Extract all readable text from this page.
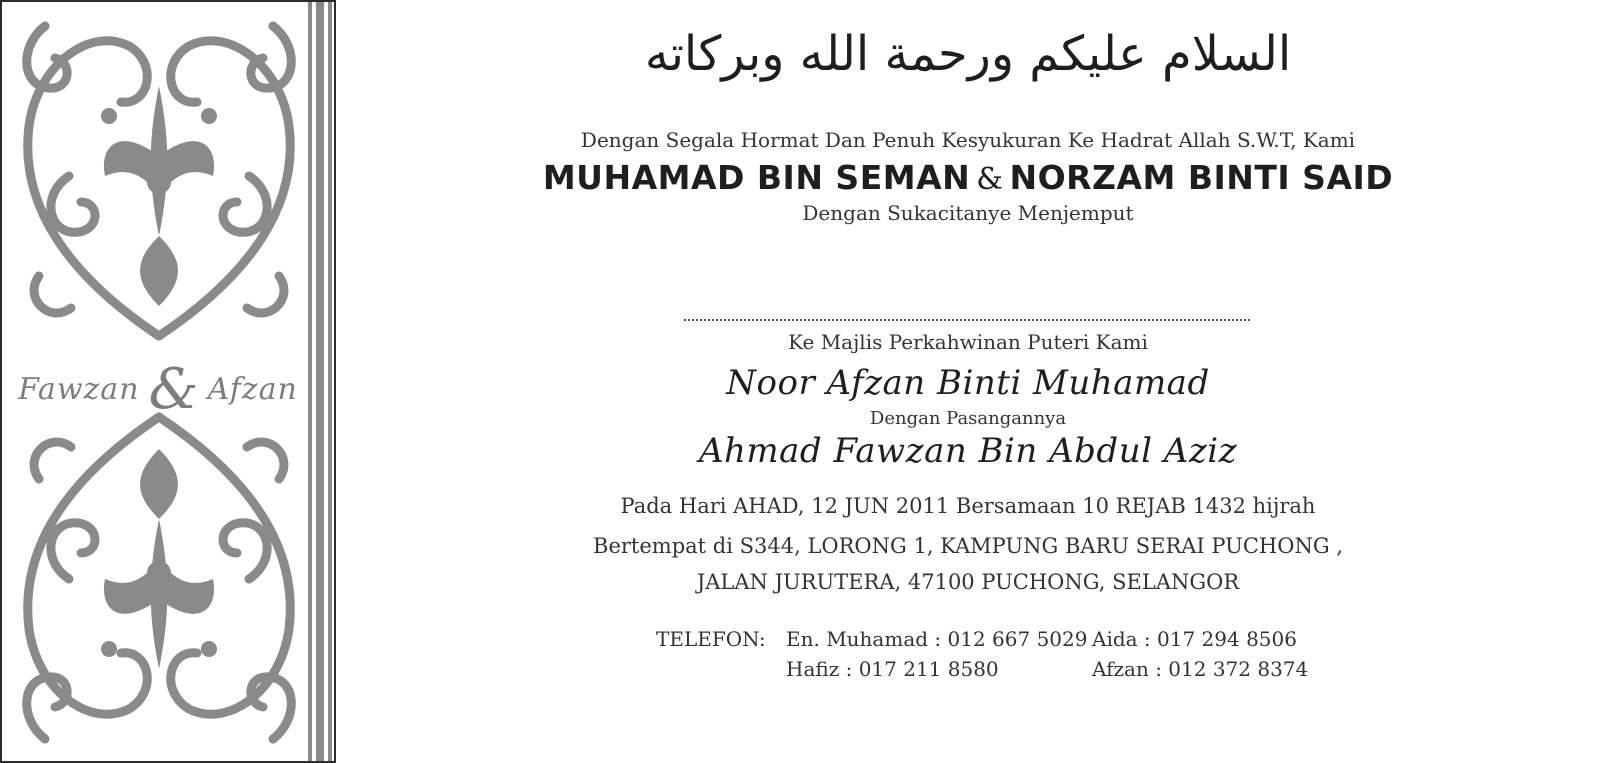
Fawzan & Afzan
السلام عليكم ورحمة الله وبركاته
Dengan Segala Hormat Dan Penuh Kesyukuran Ke Hadrat Allah S.W.T, Kami
MUHAMAD BIN SEMAN & NORZAM BINTI SAID
Dengan Sukacitanye Menjemput
Ke Majlis Perkahwinan Puteri Kami
Noor Afzan Binti Muhamad
Dengan Pasangannya
Ahmad Fawzan Bin Abdul Aziz
Pada Hari AHAD, 12 JUN 2011 Bersamaan 10 REJAB 1432 hijrah
Bertempat di S344, LORONG 1, KAMPUNG BARU SERAI PUCHONG ,
JALAN JURUTERA, 47100 PUCHONG, SELANGOR
TELEFON: En. Muhamad : 012 667 5029 Aida : 017 294 8506
Hafiz : 017 211 8580	Afzan : 012 372 8374
